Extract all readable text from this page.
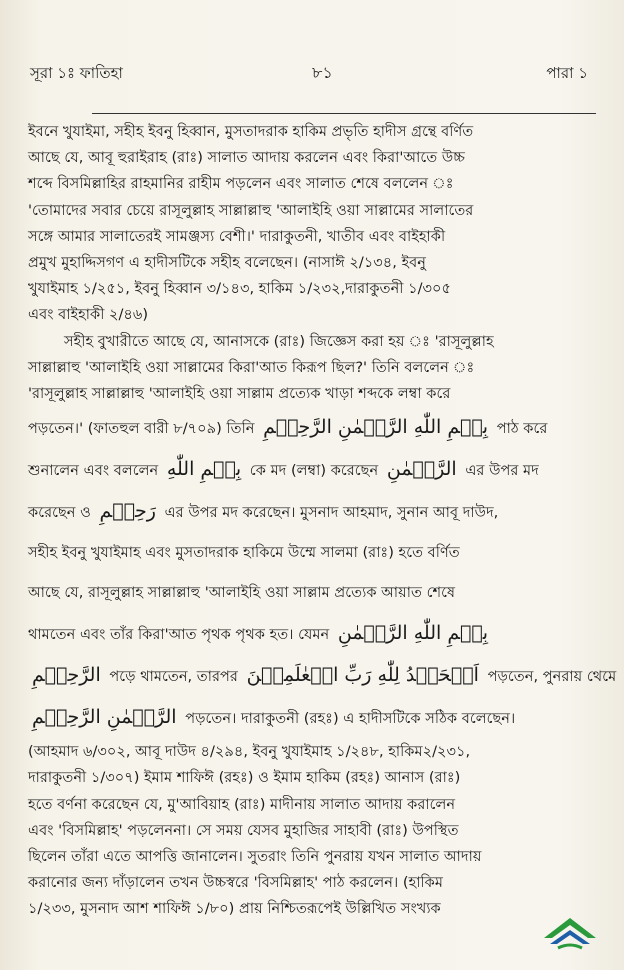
সূরা ১ঃ ফাতিহা	৮১	পারা ১
ইবনে খুযাইমা, সহীহ ইবনু হিব্বান, মুসতাদরাক হাকিম প্রভৃতি হাদীস গ্রন্থে বর্ণিত
আছে যে, আবূ হুরাইরাহ (রাঃ) সালাত আদায় করলেন এবং কিরা'আতে উচ্চ
শব্দে বিসমিল্লাহির রাহমানির রাহীম পড়লেন এবং সালাত শেষে বললেন ঃ
'তোমাদের সবার চেয়ে রাসূলুল্লাহ সাল্লাল্লাহু 'আলাইহি ওয়া সাল্লামের সালাতের
সঙ্গে আমার সালাতেরই সামঞ্জস্য বেশী।' দারাকুতনী, খাতীব এবং বাইহাকী
প্রমুখ মুহাদ্দিসগণ এ হাদীসটিকে সহীহ বলেছেন। (নাসাঈ ২/১৩৪, ইবনু
খুযাইমাহ ১/২৫১, ইবনু হিব্বান ৩/১৪৩, হাকিম ১/২৩২,দারাকুতনী ১/৩০৫
এবং বাইহাকী ২/৪৬)
সহীহ বুখারীতে আছে যে, আনাসকে (রাঃ) জিজ্ঞেস করা হয় ঃ 'রাসূলুল্লাহ
সাল্লাল্লাহু 'আলাইহি ওয়া সাল্লামের কিরা'আত কিরূপ ছিল?' তিনি বললেন ঃ
'রাসূলুল্লাহ সাল্লাল্লাহু 'আলাইহি ওয়া সাল্লাম প্রত্যেক খাড়া শব্দকে লম্বা করে
পড়তেন।' (ফাতহুল বারী ৮/৭০৯) তিনি بِسۡمِ اللّٰهِ الرَّحۡمٰنِ الرَّحِيۡمِ পাঠ করে
শুনালেন এবং বললেন بِسۡمِ اللّٰهِ কে মদ (লম্বা) করেছেন الرَّحۡمٰنِ এর উপর মদ
করেছেন ও رَحِيۡمِ এর উপর মদ করেছেন। মুসনাদ আহমাদ, সুনান আবূ দাউদ,
সহীহ ইবনু খুযাইমাহ এবং মুসতাদরাক হাকিমে উম্মে সালমা (রাঃ) হতে বর্ণিত
আছে যে, রাসূলুল্লাহ সাল্লাল্লাহু 'আলাইহি ওয়া সাল্লাম প্রত্যেক আয়াত শেষে
থামতেন এবং তাঁর কিরা'আত পৃথক পৃথক হত। যেমন بِسۡمِ اللّٰهِ الرَّحۡمٰنِ
الرَّحِيۡمِ পড়ে থামতেন, তারপর اَلۡحَمۡدُ لِلّٰهِ رَبِّ الۡعٰلَمِيۡنَ পড়তেন, পুনরায় থেমে
الرَّحۡمٰنِ الرَّحِيۡمِ পড়তেন। দারাকুতনী (রহঃ) এ হাদীসটিকে সঠিক বলেছেন।
(আহমাদ ৬/৩০২, আবূ দাউদ ৪/২৯৪, ইবনু খুযাইমাহ ১/২৪৮, হাকিম২/২৩১,
দারাকুতনী ১/৩০৭) ইমাম শাফিঈ (রহঃ) ও ইমাম হাকিম (রহঃ) আনাস (রাঃ)
হতে বর্ণনা করেছেন যে, মু'আবিয়াহ (রাঃ) মাদীনায় সালাত আদায় করালেন
এবং 'বিসমিল্লাহ' পড়লেননা। সে সময় যেসব মুহাজির সাহাবী (রাঃ) উপস্থিত
ছিলেন তাঁরা এতে আপত্তি জানালেন। সুতরাং তিনি পুনরায় যখন সালাত আদায়
করানোর জন্য দাঁড়ালেন তখন উচ্চস্বরে 'বিসমিল্লাহ' পাঠ করলেন। (হাকিম
১/২৩৩, মুসনাদ আশ শাফিঈ ১/৮০) প্রায় নিশ্চিতরূপেই উল্লিখিত সংখ্যক
